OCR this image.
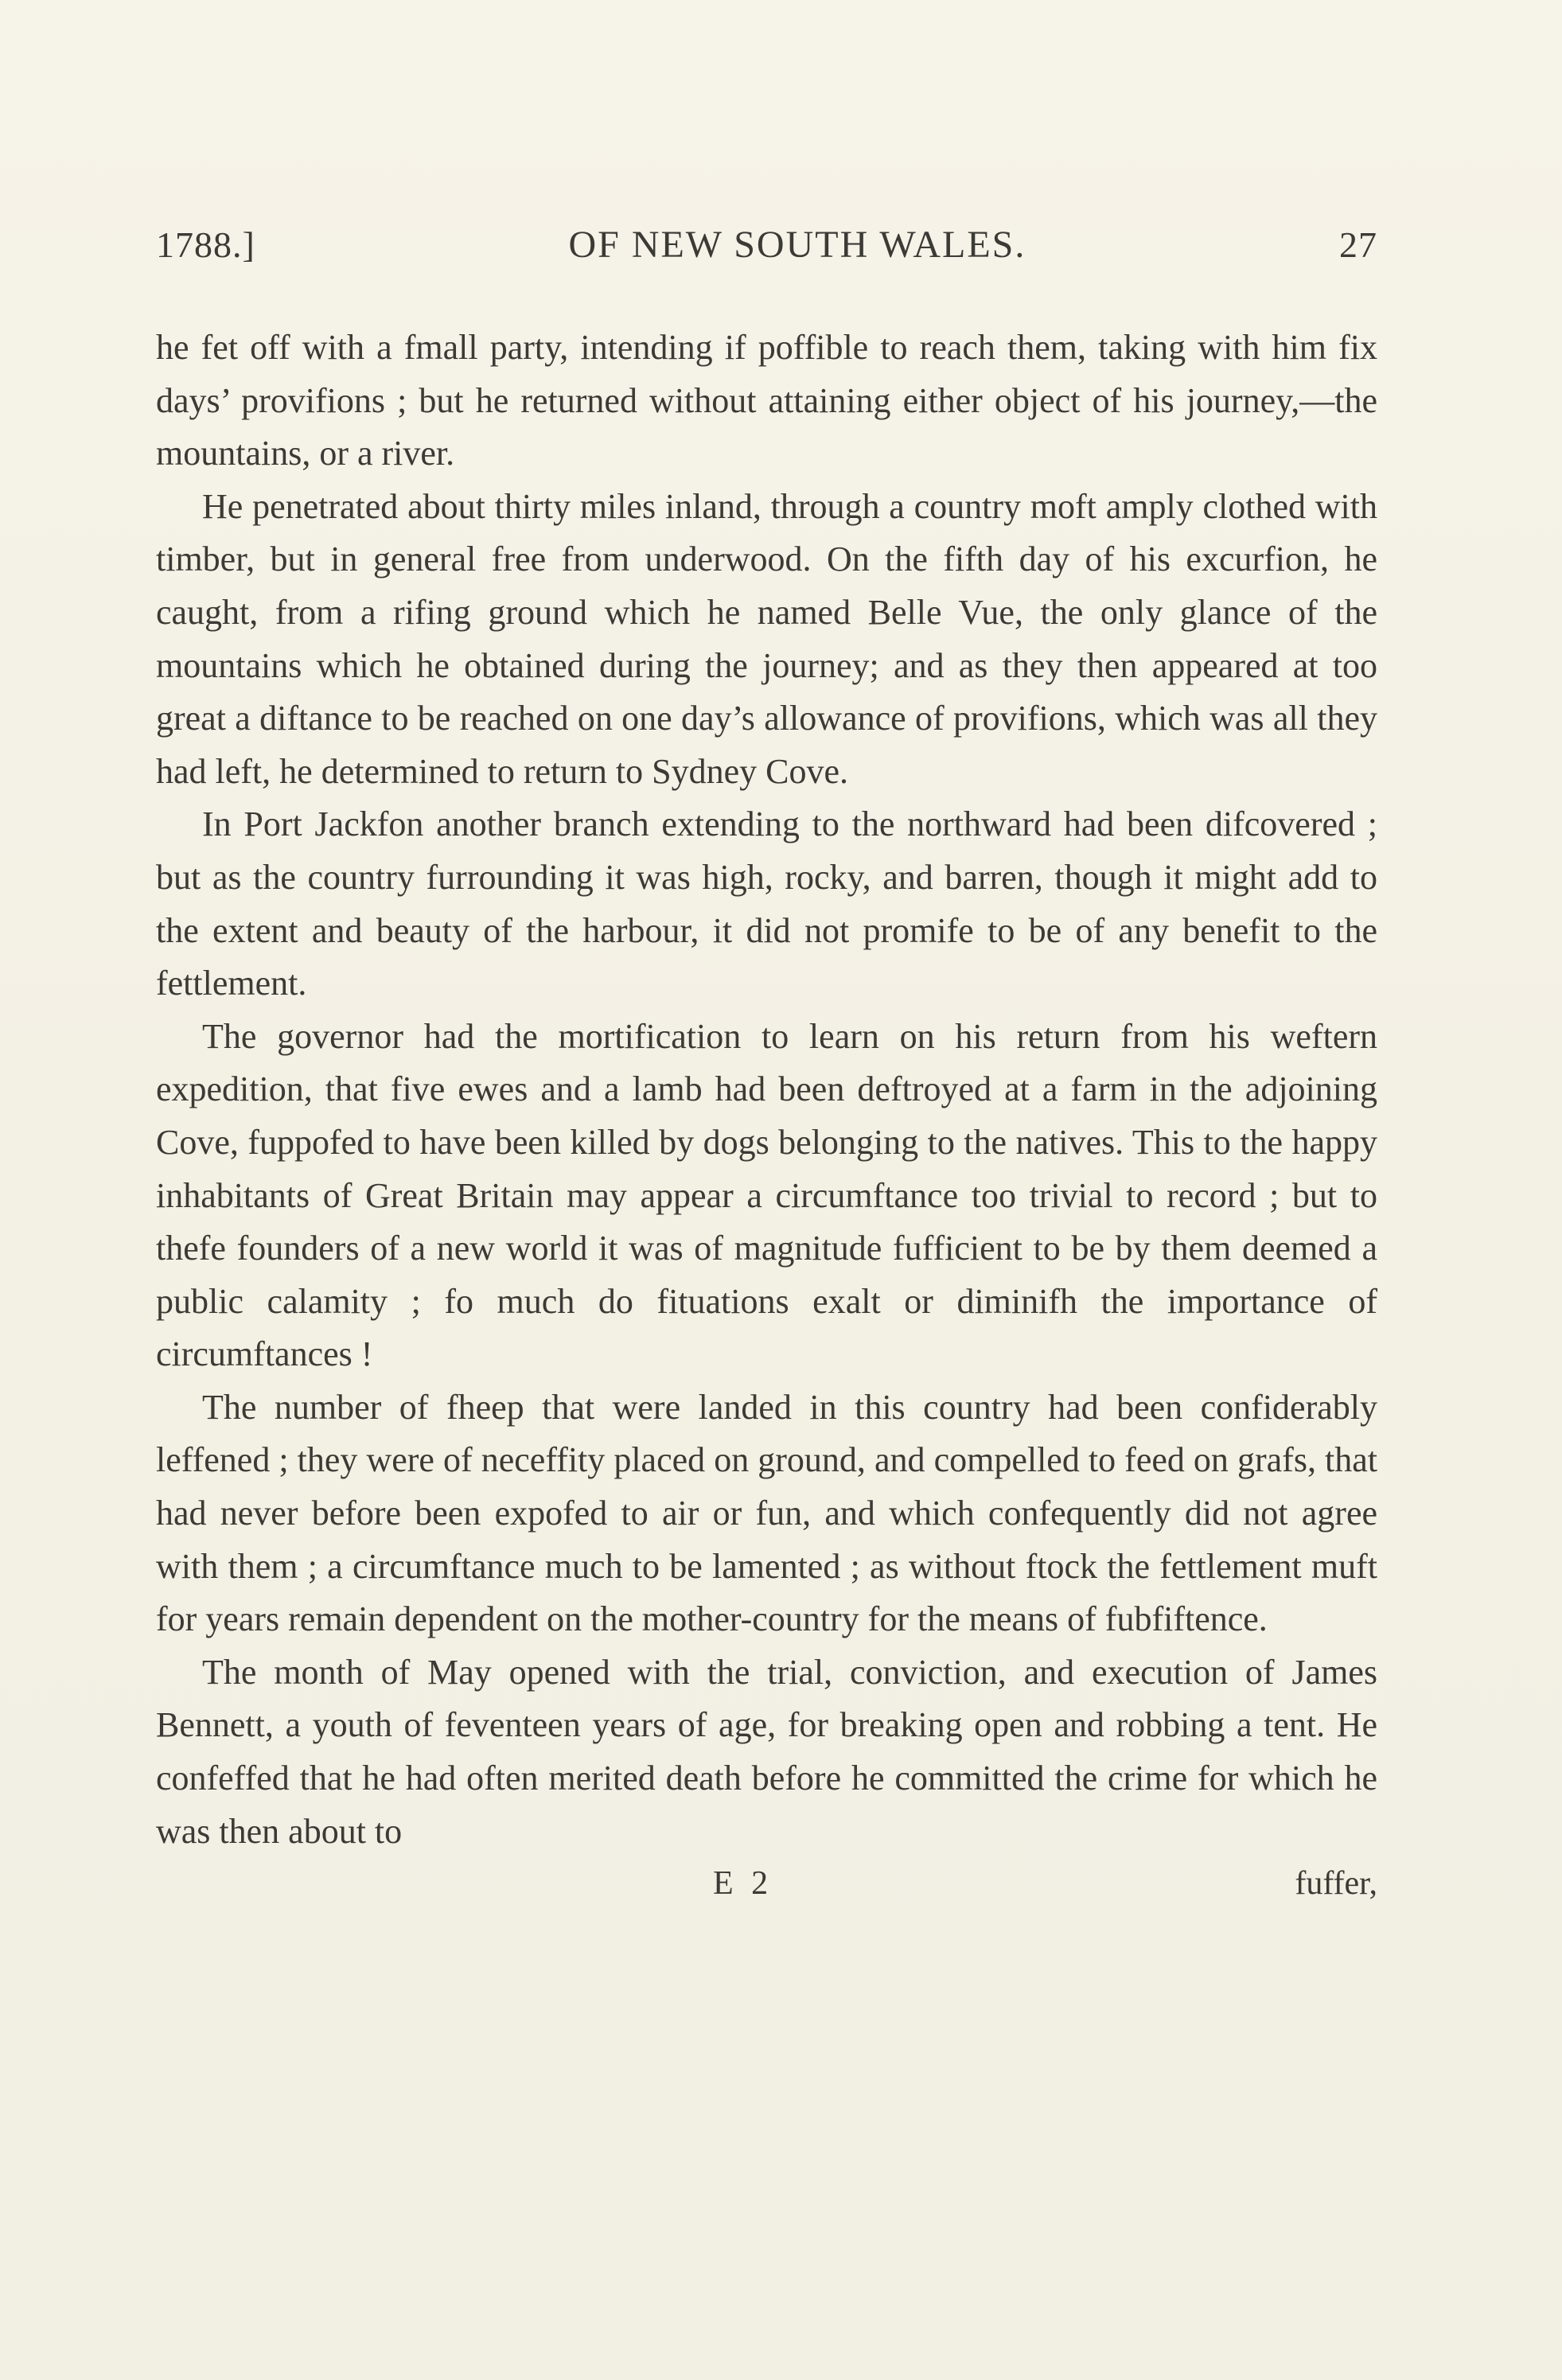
1788.]	OF NEW SOUTH WALES.	27

he fet off with a fmall party, intending if poffible to reach them, taking with him fix days’ provifions ; but he returned without attaining either object of his journey,—the mountains, or a river.

He penetrated about thirty miles inland, through a country moft amply clothed with timber, but in general free from underwood. On the fifth day of his excurfion, he caught, from a rifing ground which he named Belle Vue, the only glance of the mountains which he obtained during the journey; and as they then appeared at too great a diftance to be reached on one day’s allowance of provifions, which was all they had left, he determined to return to Sydney Cove.

In Port Jackfon another branch extending to the northward had been difcovered ; but as the country furrounding it was high, rocky, and barren, though it might add to the extent and beauty of the harbour, it did not promife to be of any benefit to the fettlement.

The governor had the mortification to learn on his return from his weftern expedition, that five ewes and a lamb had been deftroyed at a farm in the adjoining Cove, fuppofed to have been killed by dogs belonging to the natives. This to the happy inhabitants of Great Britain may appear a circumftance too trivial to record ; but to thefe founders of a new world it was of magnitude fufficient to be by them deemed a public calamity ; fo much do fituations exalt or diminifh the importance of circumftances !

The number of fheep that were landed in this country had been confiderably leffened ; they were of neceffity placed on ground, and compelled to feed on grafs, that had never before been expofed to air or fun, and which confequently did not agree with them ; a circumftance much to be lamented ; as without ftock the fettlement muft for years remain dependent on the mother-country for the means of fubfiftence.

The month of May opened with the trial, conviction, and execution of James Bennett, a youth of feventeen years of age, for breaking open and robbing a tent. He confeffed that he had often merited death before he committed the crime for which he was then about to

E 2	fuffer,
